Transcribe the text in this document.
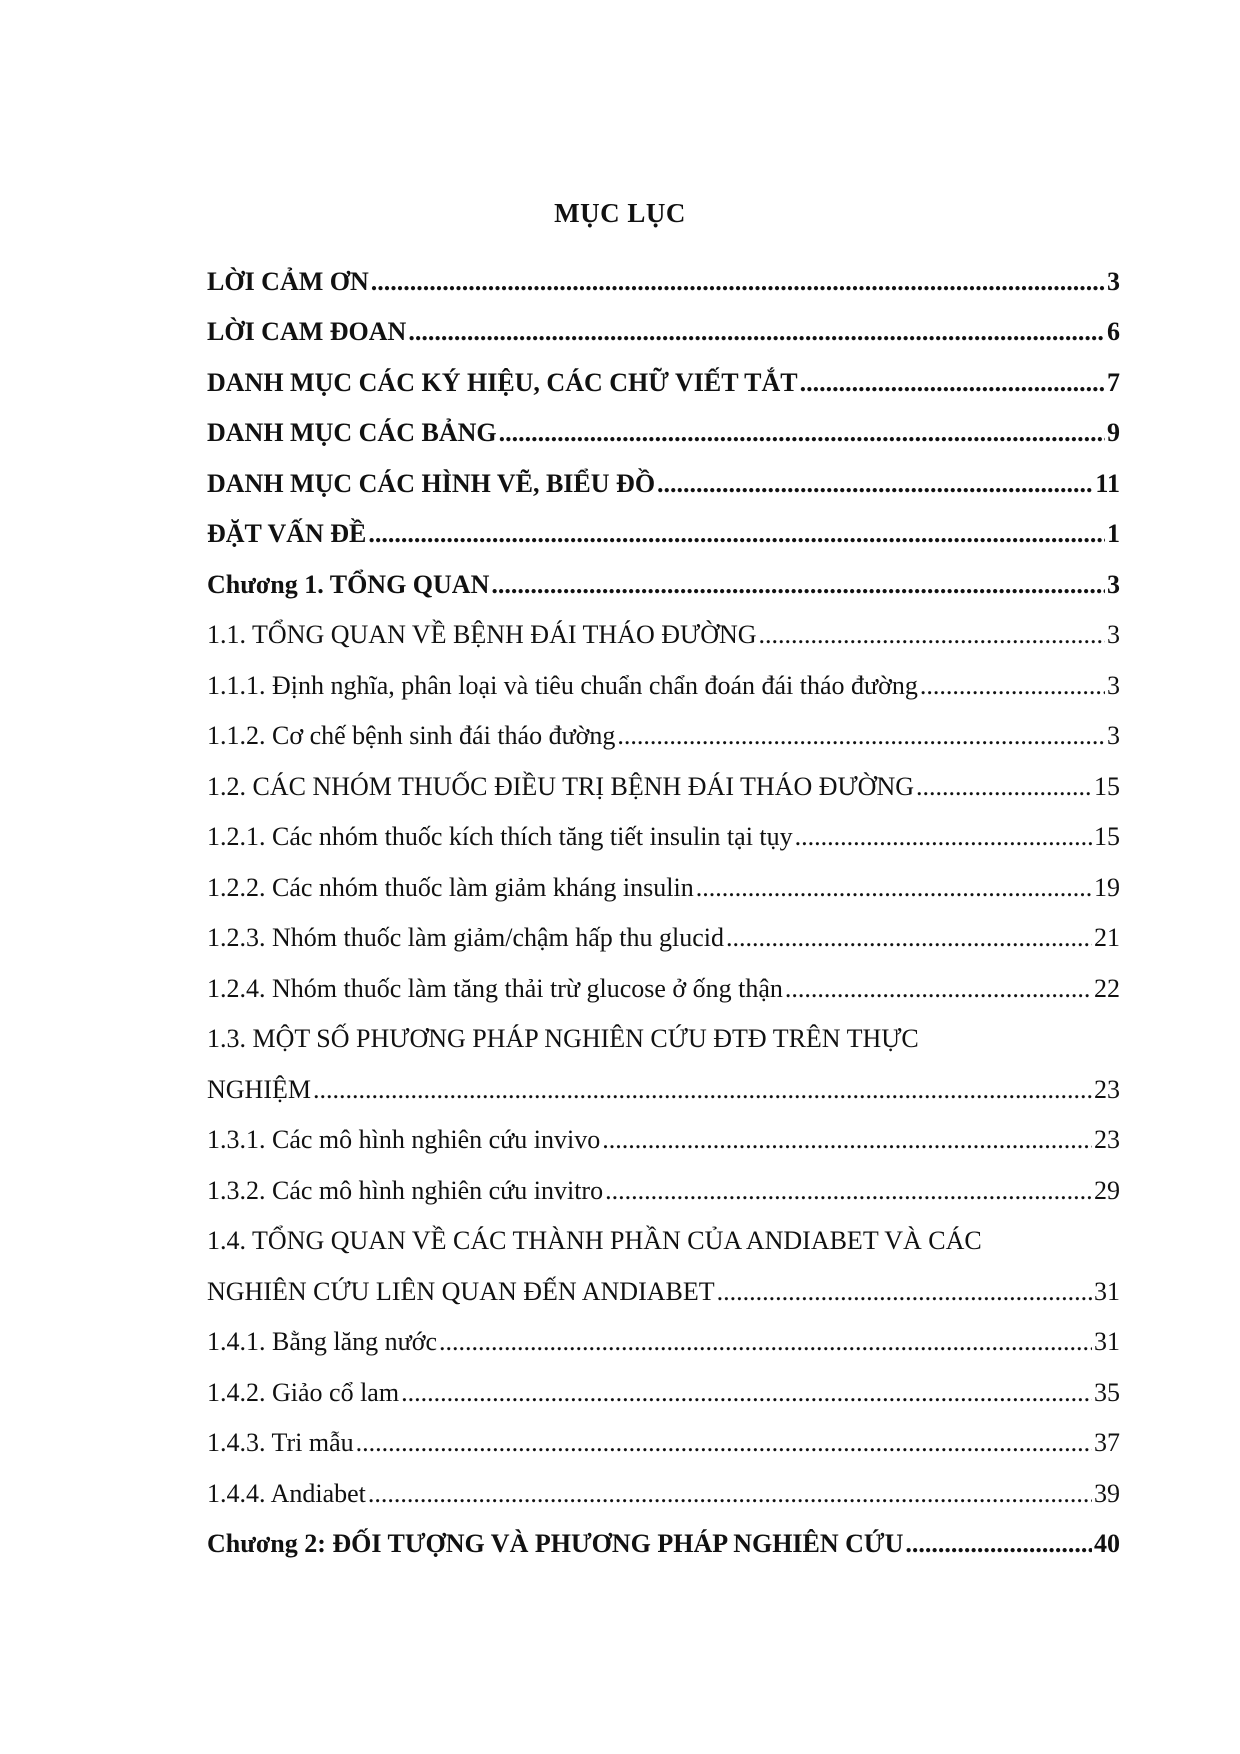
MỤC LỤC
LỜI CẢM ƠN .....	3
LỜI CAM ĐOAN .....	6
DANH MỤC CÁC KÝ HIỆU, CÁC CHỮ VIẾT TẮT .....	7
DANH MỤC CÁC BẢNG .....	9
DANH MỤC CÁC HÌNH VẼ, BIỂU ĐỒ .....	11
ĐẶT VẤN ĐỀ .....	1
Chương 1. TỔNG QUAN .....	3
1.1. TỔNG QUAN VỀ BỆNH ĐÁI THÁO ĐƯỜNG .....	3
1.1.1. Định nghĩa, phân loại và tiêu chuẩn chẩn đoán đái tháo đường .....	3
1.1.2. Cơ chế bệnh sinh đái tháo đường .....	3
1.2. CÁC NHÓM THUỐC ĐIỀU TRỊ BỆNH ĐÁI THÁO ĐƯỜNG .....	15
1.2.1. Các nhóm thuốc kích thích tăng tiết insulin tại tụy .....	15
1.2.2. Các nhóm thuốc làm giảm kháng insulin .....	19
1.2.3. Nhóm thuốc làm giảm/chậm hấp thu glucid .....	21
1.2.4. Nhóm thuốc làm tăng thải trừ glucose ở ống thận .....	22
1.3. MỘT SỐ PHƯƠNG PHÁP NGHIÊN CỨU ĐTĐ TRÊN THỰC
NGHIỆM .....	23
1.3.1. Các mô hình nghiên cứu invivo .....	23
1.3.2. Các mô hình nghiên cứu invitro .....	29
1.4. TỔNG QUAN VỀ CÁC THÀNH PHẦN CỦA ANDIABET VÀ CÁC
NGHIÊN CỨU LIÊN QUAN ĐẾN ANDIABET .....	31
1.4.1. Bằng lăng nước .....	31
1.4.2. Giảo cổ lam .....	35
1.4.3. Tri mẫu .....	37
1.4.4. Andiabet .....	39
Chương 2: ĐỐI TƯỢNG VÀ PHƯƠNG PHÁP NGHIÊN CỨU .....	40
